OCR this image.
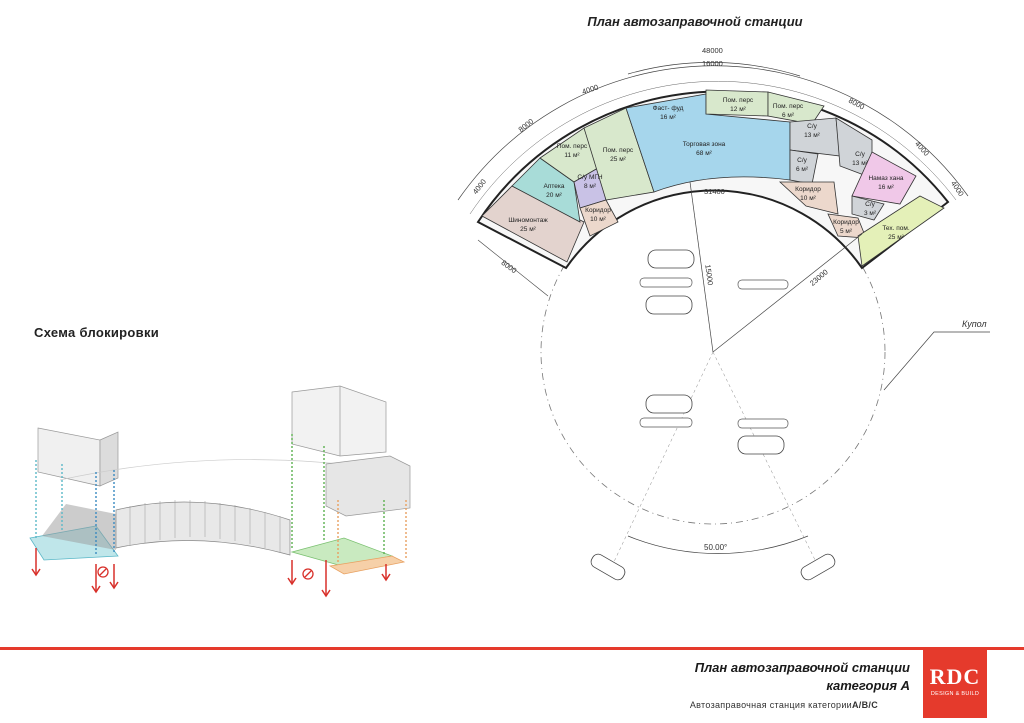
План автозаправочной станции
48000
16000
4000
8000
4000
8000
4000
4000
8000
31400
15000	23000
50.00°
Купол
Шиномонтаж
25 м²
Аптека
20 м²
Пом. перс
11 м²
С/у МГН
8 м²
Коридор
10 м²
Пом. перс
25 м²
Фаст- фуд
16 м²
Торговая зона
68 м²
Пом. перс
12 м²	Пом. перс
6 м²
С/у
13 м²
С/у
13 м²
С/у
6 м²
Коридор
10 м²
Намаз хана
16 м²
С/у
3 м²
Коридор
5 м²	Тех. пом.
25 м²
Схема блокировки
План автозаправочной станции
категория А
Автозаправочная станция категорииА/B/C
RDC
DESIGN & BUILD
